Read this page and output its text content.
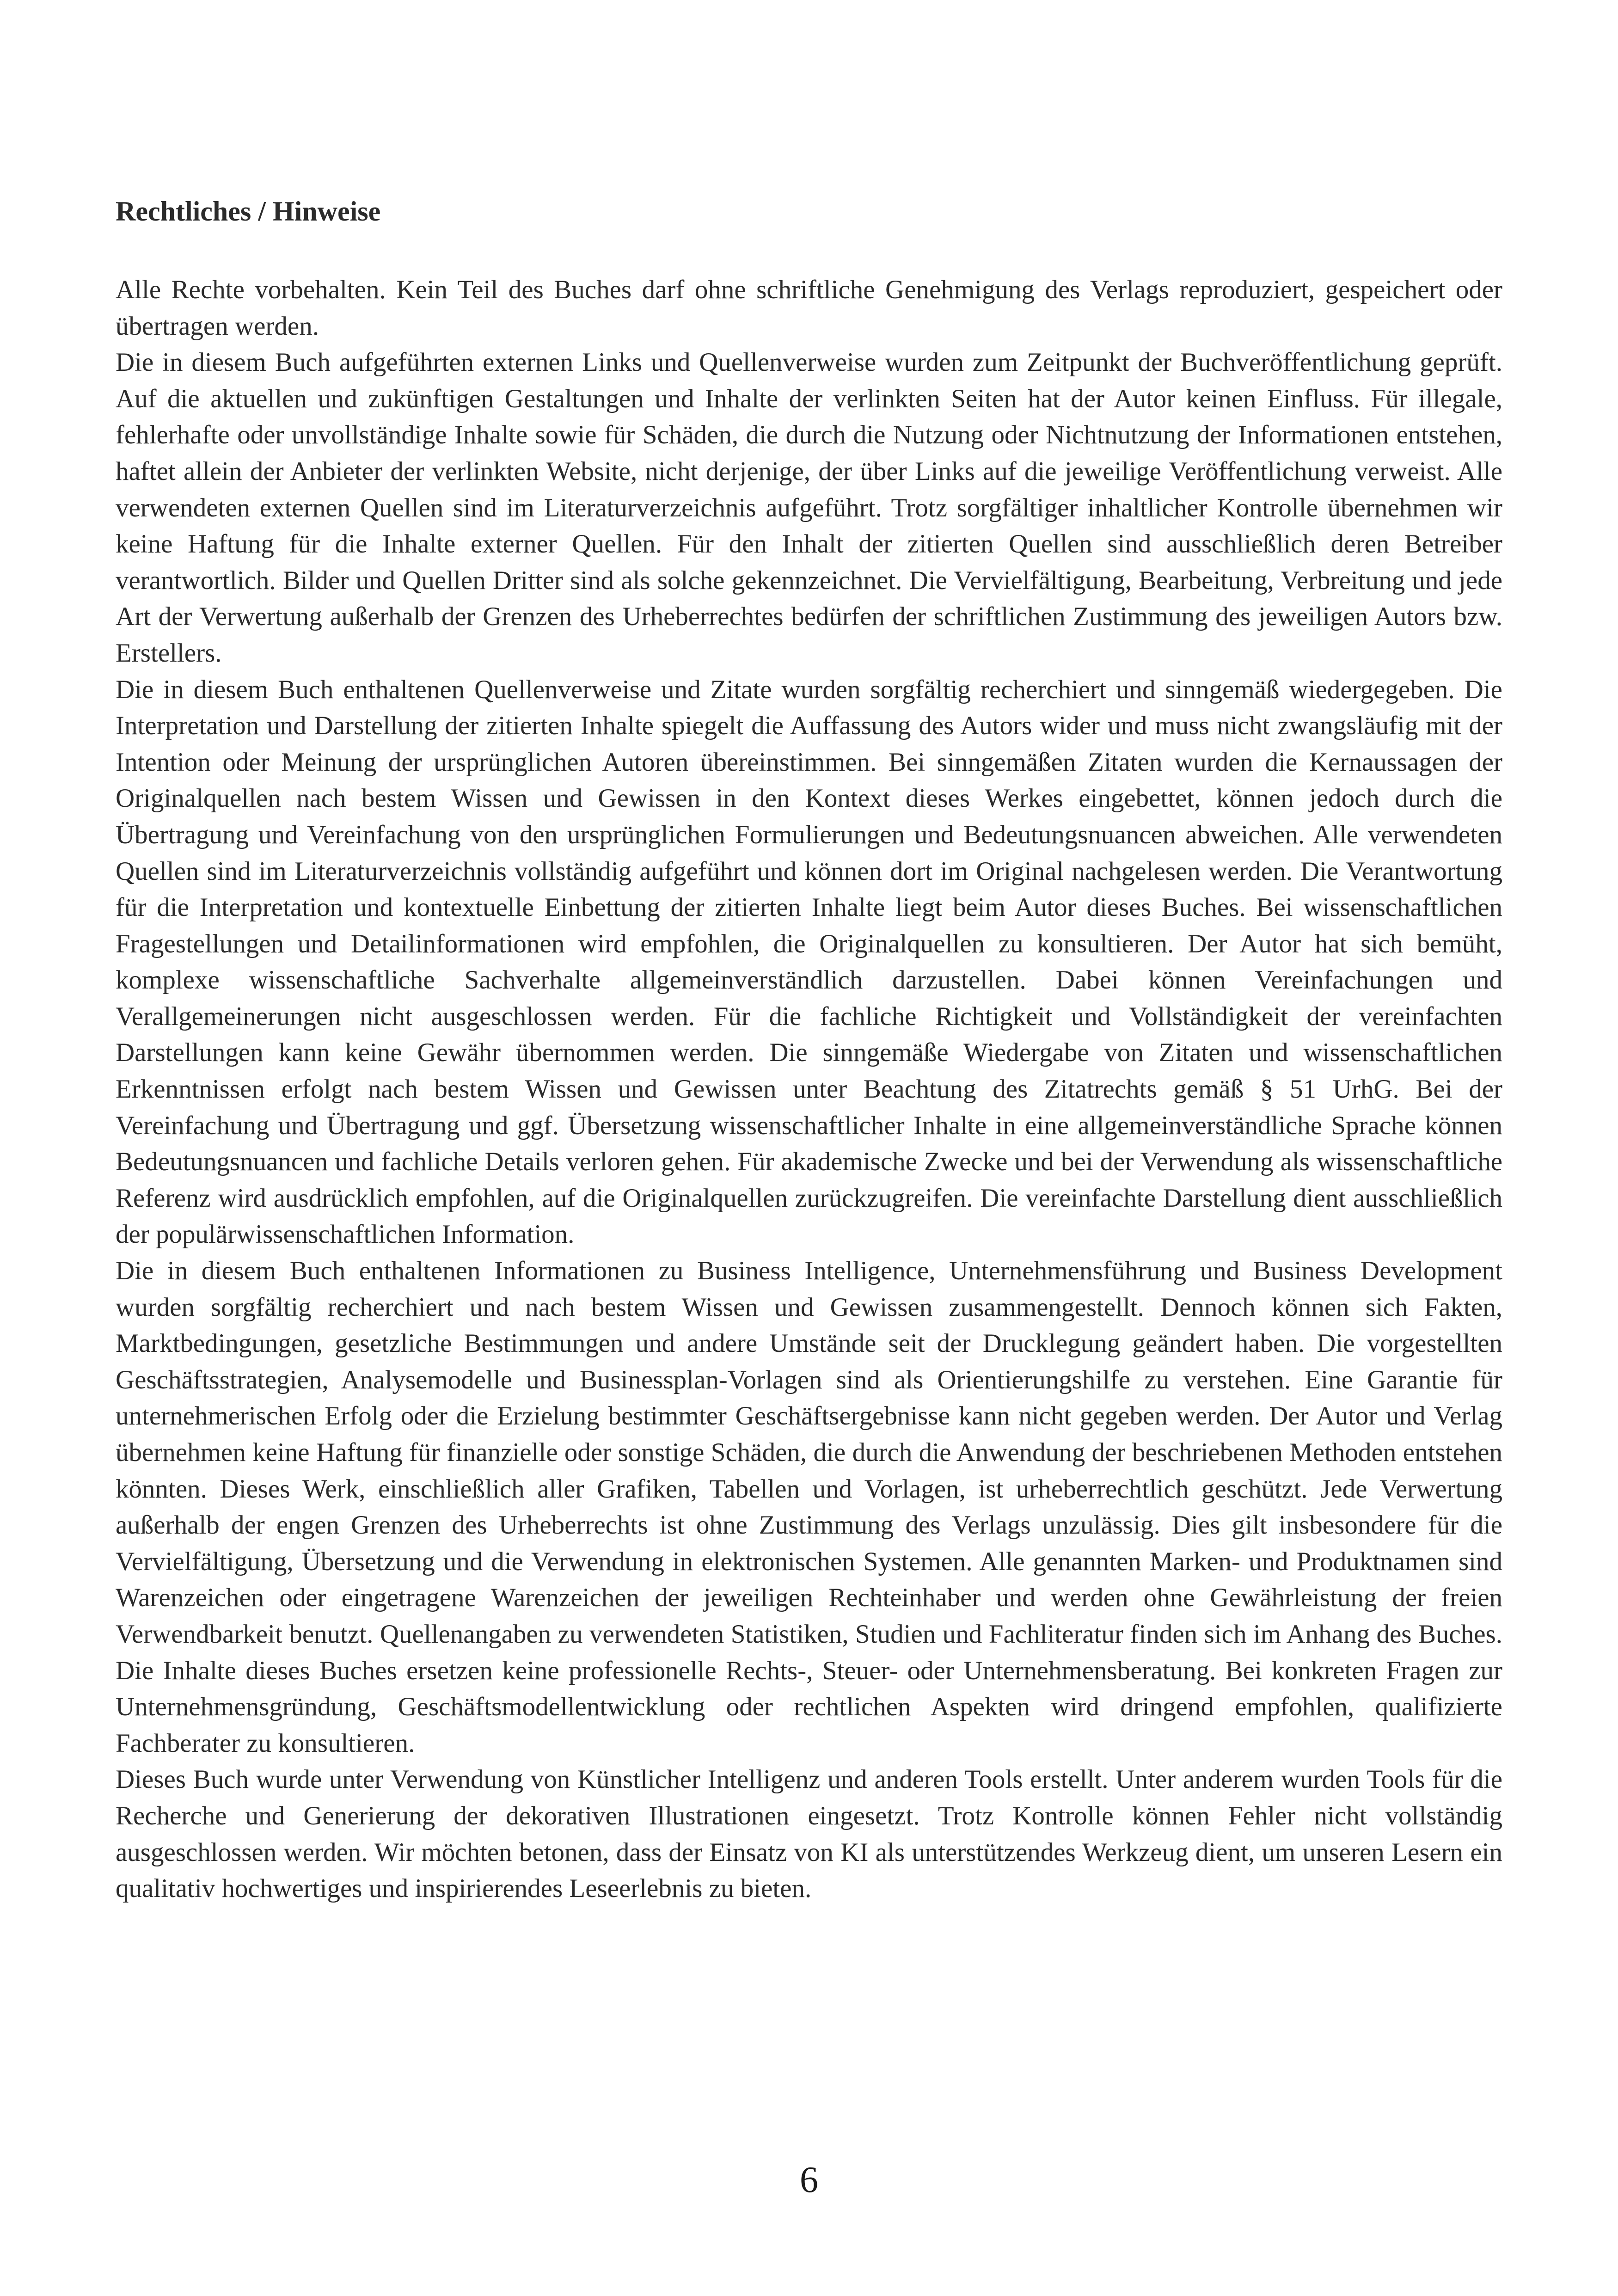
Rechtliches / Hinweise

Alle Rechte vorbehalten. Kein Teil des Buches darf ohne schriftliche Genehmigung des Verlags reproduziert, gespeichert oder übertragen werden.

Die in diesem Buch aufgeführten externen Links und Quellenverweise wurden zum Zeitpunkt der Buchveröffentlichung geprüft. Auf die aktuellen und zukünftigen Gestaltungen und Inhalte der verlinkten Seiten hat der Autor keinen Einfluss. Für illegale, fehlerhafte oder unvollständige Inhalte sowie für Schäden, die durch die Nutzung oder Nichtnutzung der Informationen entstehen, haftet allein der Anbieter der verlinkten Website, nicht derjenige, der über Links auf die jeweilige Veröffentlichung verweist. Alle verwendeten externen Quellen sind im Literaturverzeichnis aufgeführt. Trotz sorgfältiger inhaltlicher Kontrolle übernehmen wir keine Haftung für die Inhalte externer Quellen. Für den Inhalt der zitierten Quellen sind ausschließlich deren Betreiber verantwortlich. Bilder und Quellen Dritter sind als solche gekennzeichnet. Die Vervielfältigung, Bearbeitung, Verbreitung und jede Art der Verwertung außerhalb der Grenzen des Urheberrechtes bedürfen der schriftlichen Zustimmung des jeweiligen Autors bzw. Erstellers.

Die in diesem Buch enthaltenen Quellenverweise und Zitate wurden sorgfältig recherchiert und sinngemäß wiedergegeben. Die Interpretation und Darstellung der zitierten Inhalte spiegelt die Auffassung des Autors wider und muss nicht zwangsläufig mit der Intention oder Meinung der ursprünglichen Autoren übereinstimmen. Bei sinngemäßen Zitaten wurden die Kernaussagen der Originalquellen nach bestem Wissen und Gewissen in den Kontext dieses Werkes eingebettet, können jedoch durch die Übertragung und Vereinfachung von den ursprünglichen Formulierungen und Bedeutungsnuancen abweichen. Alle verwendeten Quellen sind im Literaturverzeichnis vollständig aufgeführt und können dort im Original nachgelesen werden. Die Verantwortung für die Interpretation und kontextuelle Einbettung der zitierten Inhalte liegt beim Autor dieses Buches. Bei wissenschaftlichen Fragestellungen und Detailinformationen wird empfohlen, die Originalquellen zu konsultieren. Der Autor hat sich bemüht, komplexe wissenschaftliche Sachverhalte allgemeinverständlich darzustellen. Dabei können Vereinfachungen und Verallgemeinerungen nicht ausgeschlossen werden. Für die fachliche Richtigkeit und Vollständigkeit der vereinfachten Darstellungen kann keine Gewähr übernommen werden. Die sinngemäße Wiedergabe von Zitaten und wissenschaftlichen Erkenntnissen erfolgt nach bestem Wissen und Gewissen unter Beachtung des Zitatrechts gemäß § 51 UrhG. Bei der Vereinfachung und Übertragung und ggf. Übersetzung wissenschaftlicher Inhalte in eine allgemeinverständliche Sprache können Bedeutungsnuancen und fachliche Details verloren gehen. Für akademische Zwecke und bei der Verwendung als wissenschaftliche Referenz wird ausdrücklich empfohlen, auf die Originalquellen zurückzugreifen. Die vereinfachte Darstellung dient ausschließlich der populärwissenschaftlichen Information.

Die in diesem Buch enthaltenen Informationen zu Business Intelligence, Unternehmensführung und Business Development wurden sorgfältig recherchiert und nach bestem Wissen und Gewissen zusammengestellt. Dennoch können sich Fakten, Marktbedingungen, gesetzliche Bestimmungen und andere Umstände seit der Drucklegung geändert haben. Die vorgestellten Geschäftsstrategien, Analysemodelle und Businessplan-Vorlagen sind als Orientierungshilfe zu verstehen. Eine Garantie für unternehmerischen Erfolg oder die Erzielung bestimmter Geschäftsergebnisse kann nicht gegeben werden. Der Autor und Verlag übernehmen keine Haftung für finanzielle oder sonstige Schäden, die durch die Anwendung der beschriebenen Methoden entstehen könnten. Dieses Werk, einschließlich aller Grafiken, Tabellen und Vorlagen, ist urheberrechtlich geschützt. Jede Verwertung außerhalb der engen Grenzen des Urheberrechts ist ohne Zustimmung des Verlags unzulässig. Dies gilt insbesondere für die Vervielfältigung, Übersetzung und die Verwendung in elektronischen Systemen. Alle genannten Marken- und Produktnamen sind Warenzeichen oder eingetragene Warenzeichen der jeweiligen Rechteinhaber und werden ohne Gewährleistung der freien Verwendbarkeit benutzt. Quellenangaben zu verwendeten Statistiken, Studien und Fachliteratur finden sich im Anhang des Buches. Die Inhalte dieses Buches ersetzen keine professionelle Rechts-, Steuer- oder Unternehmensberatung. Bei konkreten Fragen zur Unternehmensgründung, Geschäftsmodellentwicklung oder rechtlichen Aspekten wird dringend empfohlen, qualifizierte Fachberater zu konsultieren.

Dieses Buch wurde unter Verwendung von Künstlicher Intelligenz und anderen Tools erstellt. Unter anderem wurden Tools für die Recherche und Generierung der dekorativen Illustrationen eingesetzt. Trotz Kontrolle können Fehler nicht vollständig ausgeschlossen werden. Wir möchten betonen, dass der Einsatz von KI als unterstützendes Werkzeug dient, um unseren Lesern ein qualitativ hochwertiges und inspirierendes Leseerlebnis zu bieten.

6
